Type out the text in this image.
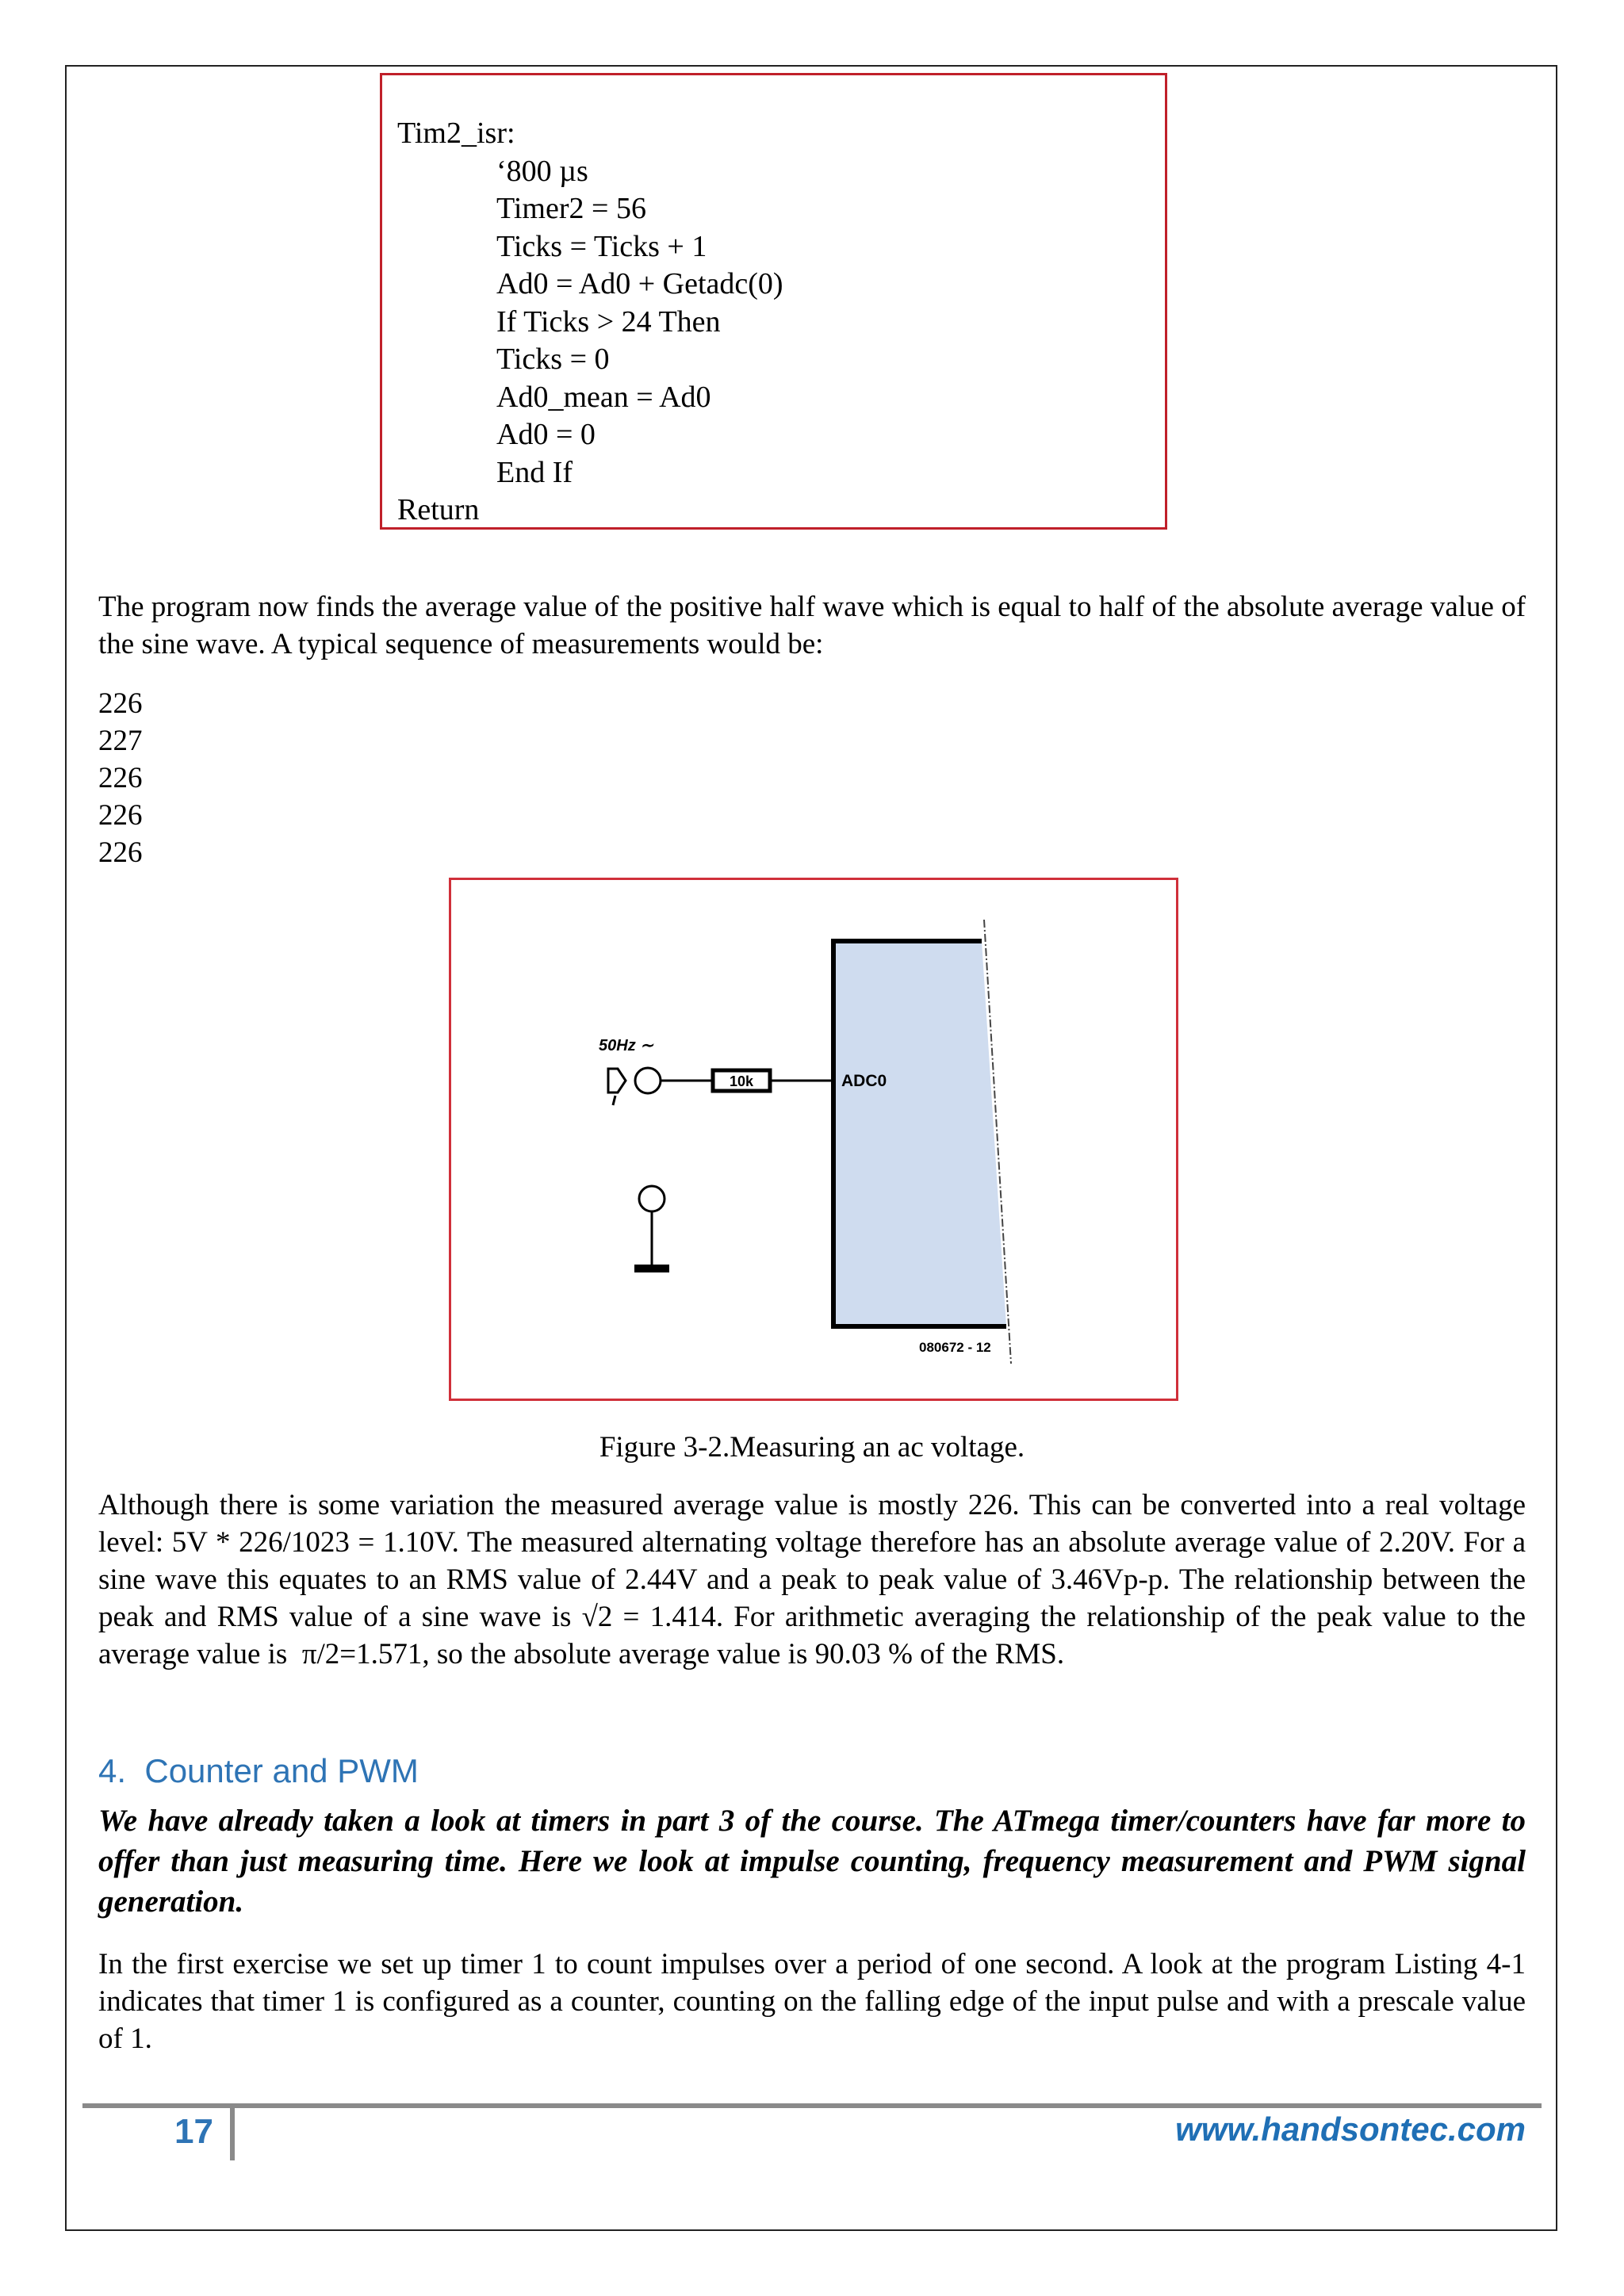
Tim2_isr:
‘800 µs
Timer2 = 56
Ticks = Ticks + 1
Ad0 = Ad0 + Getadc(0)
If Ticks > 24 Then
Ticks = 0
Ad0_mean = Ad0
Ad0 = 0
End If
Return

The program now finds the average value of the positive half wave which is equal to half of the absolute average value of the sine wave. A typical sequence of measurements would be:

226
227
226
226
226
50Hz ∼
10k	ADC0
080672 - 12
Figure 3-2.Measuring an ac voltage.

Although there is some variation the measured average value is mostly 226. This can be converted into a real voltage level: 5V * 226/1023 = 1.10V. The measured alternating voltage therefore has an absolute average value of 2.20V. For a sine wave this equates to an RMS value of 2.44V and a peak to peak value of 3.46Vp-p. The relationship between the peak and RMS value of a sine wave is √2 = 1.414. For arithmetic averaging the relationship of the peak value to the average value is  π/2=1.571, so the absolute average value is 90.03 % of the RMS.

4.  Counter and PWM

We have already taken a look at timers in part 3 of the course. The ATmega timer/counters have far more to offer than just measuring time. Here we look at impulse counting, frequency measurement and PWM signal generation.

In the first exercise we set up timer 1 to count impulses over a period of one second. A look at the program Listing 4-1 indicates that timer 1 is configured as a counter, counting on the falling edge of the input pulse and with a prescale value of 1.

17	www.handsontec.com
